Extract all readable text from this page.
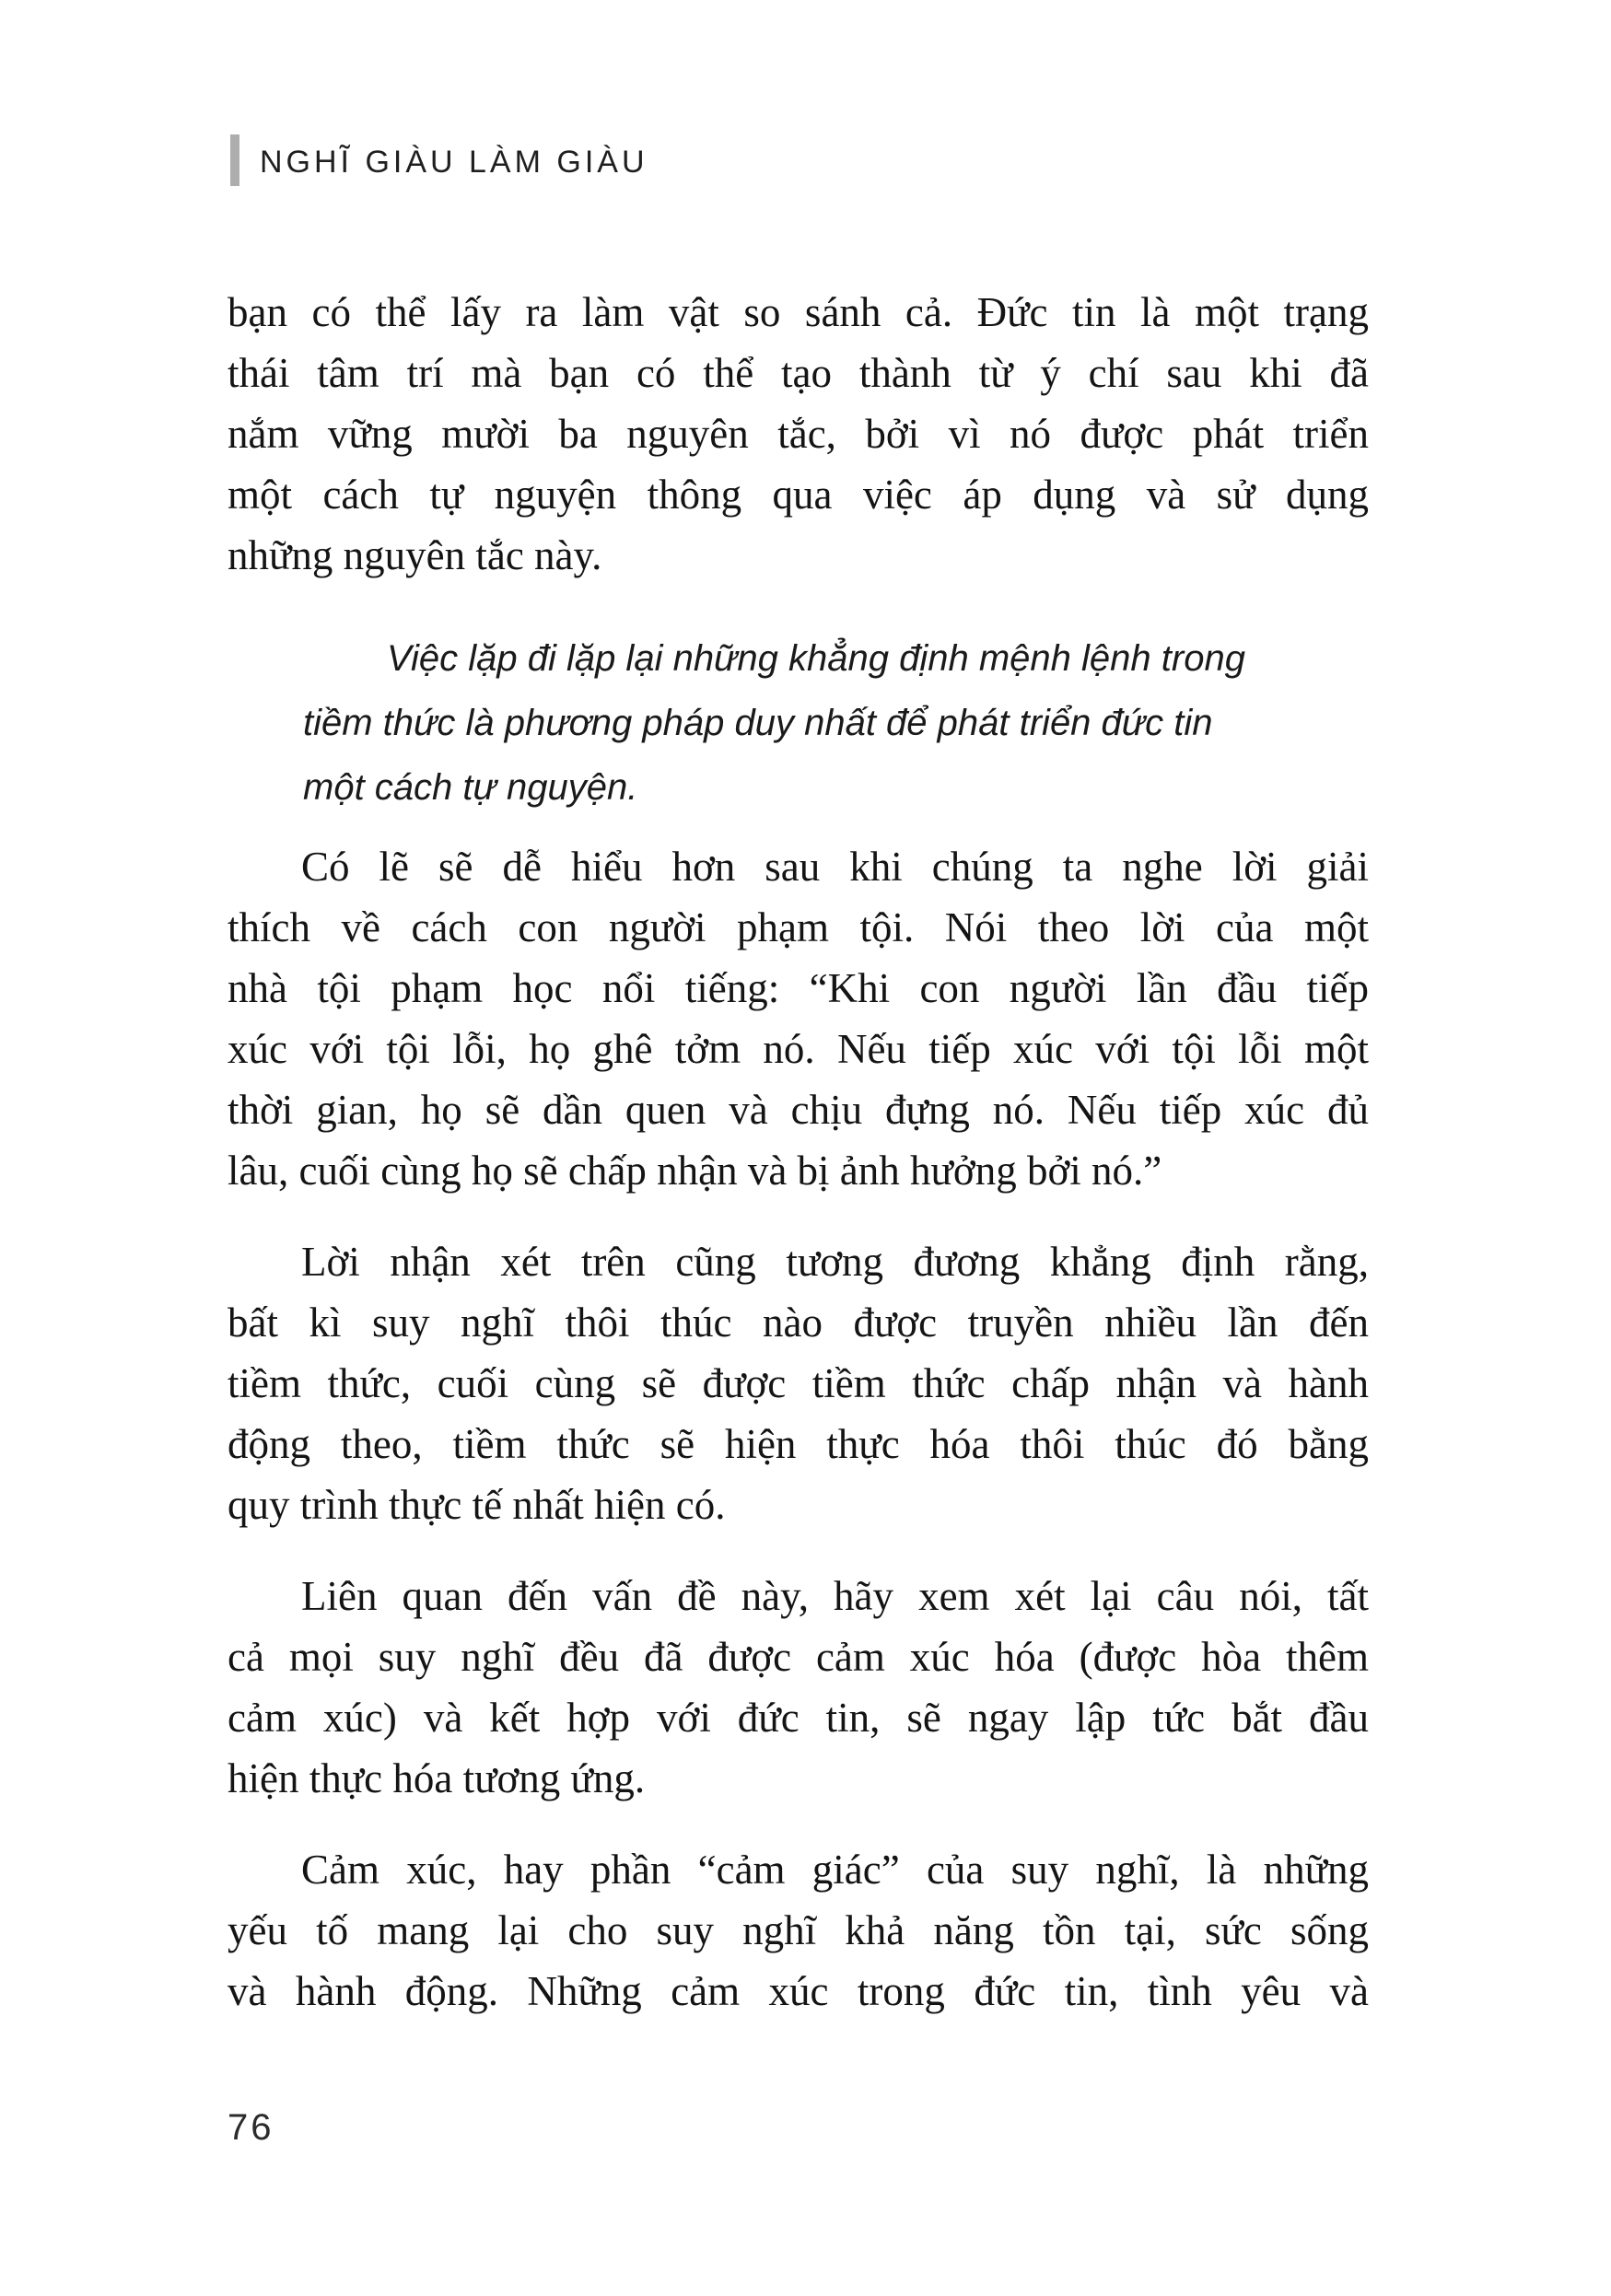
NGHĨ GIÀU LÀM GIÀU

bạn có thể lấy ra làm vật so sánh cả. Đức tin là một trạng
thái tâm trí mà bạn có thể tạo thành từ ý chí sau khi đã
nắm vững mười ba nguyên tắc, bởi vì nó được phát triển
một cách tự nguyện thông qua việc áp dụng và sử dụng
những nguyên tắc này.

Việc lặp đi lặp lại những khẳng định mệnh lệnh trong
tiềm thức là phương pháp duy nhất để phát triển đức tin
một cách tự nguyện.

Có lẽ sẽ dễ hiểu hơn sau khi chúng ta nghe lời giải
thích về cách con người phạm tội. Nói theo lời của một
nhà tội phạm học nổi tiếng: “Khi con người lần đầu tiếp
xúc với tội lỗi, họ ghê tởm nó. Nếu tiếp xúc với tội lỗi một
thời gian, họ sẽ dần quen và chịu đựng nó. Nếu tiếp xúc đủ
lâu, cuối cùng họ sẽ chấp nhận và bị ảnh hưởng bởi nó.”

Lời nhận xét trên cũng tương đương khẳng định rằng,
bất kì suy nghĩ thôi thúc nào được truyền nhiều lần đến
tiềm thức, cuối cùng sẽ được tiềm thức chấp nhận và hành
động theo, tiềm thức sẽ hiện thực hóa thôi thúc đó bằng
quy trình thực tế nhất hiện có.

Liên quan đến vấn đề này, hãy xem xét lại câu nói, tất
cả mọi suy nghĩ đều đã được cảm xúc hóa (được hòa thêm
cảm xúc) và kết hợp với đức tin, sẽ ngay lập tức bắt đầu
hiện thực hóa tương ứng.

Cảm xúc, hay phần “cảm giác” của suy nghĩ, là những
yếu tố mang lại cho suy nghĩ khả năng tồn tại, sức sống
và hành động. Những cảm xúc trong đức tin, tình yêu và

76
